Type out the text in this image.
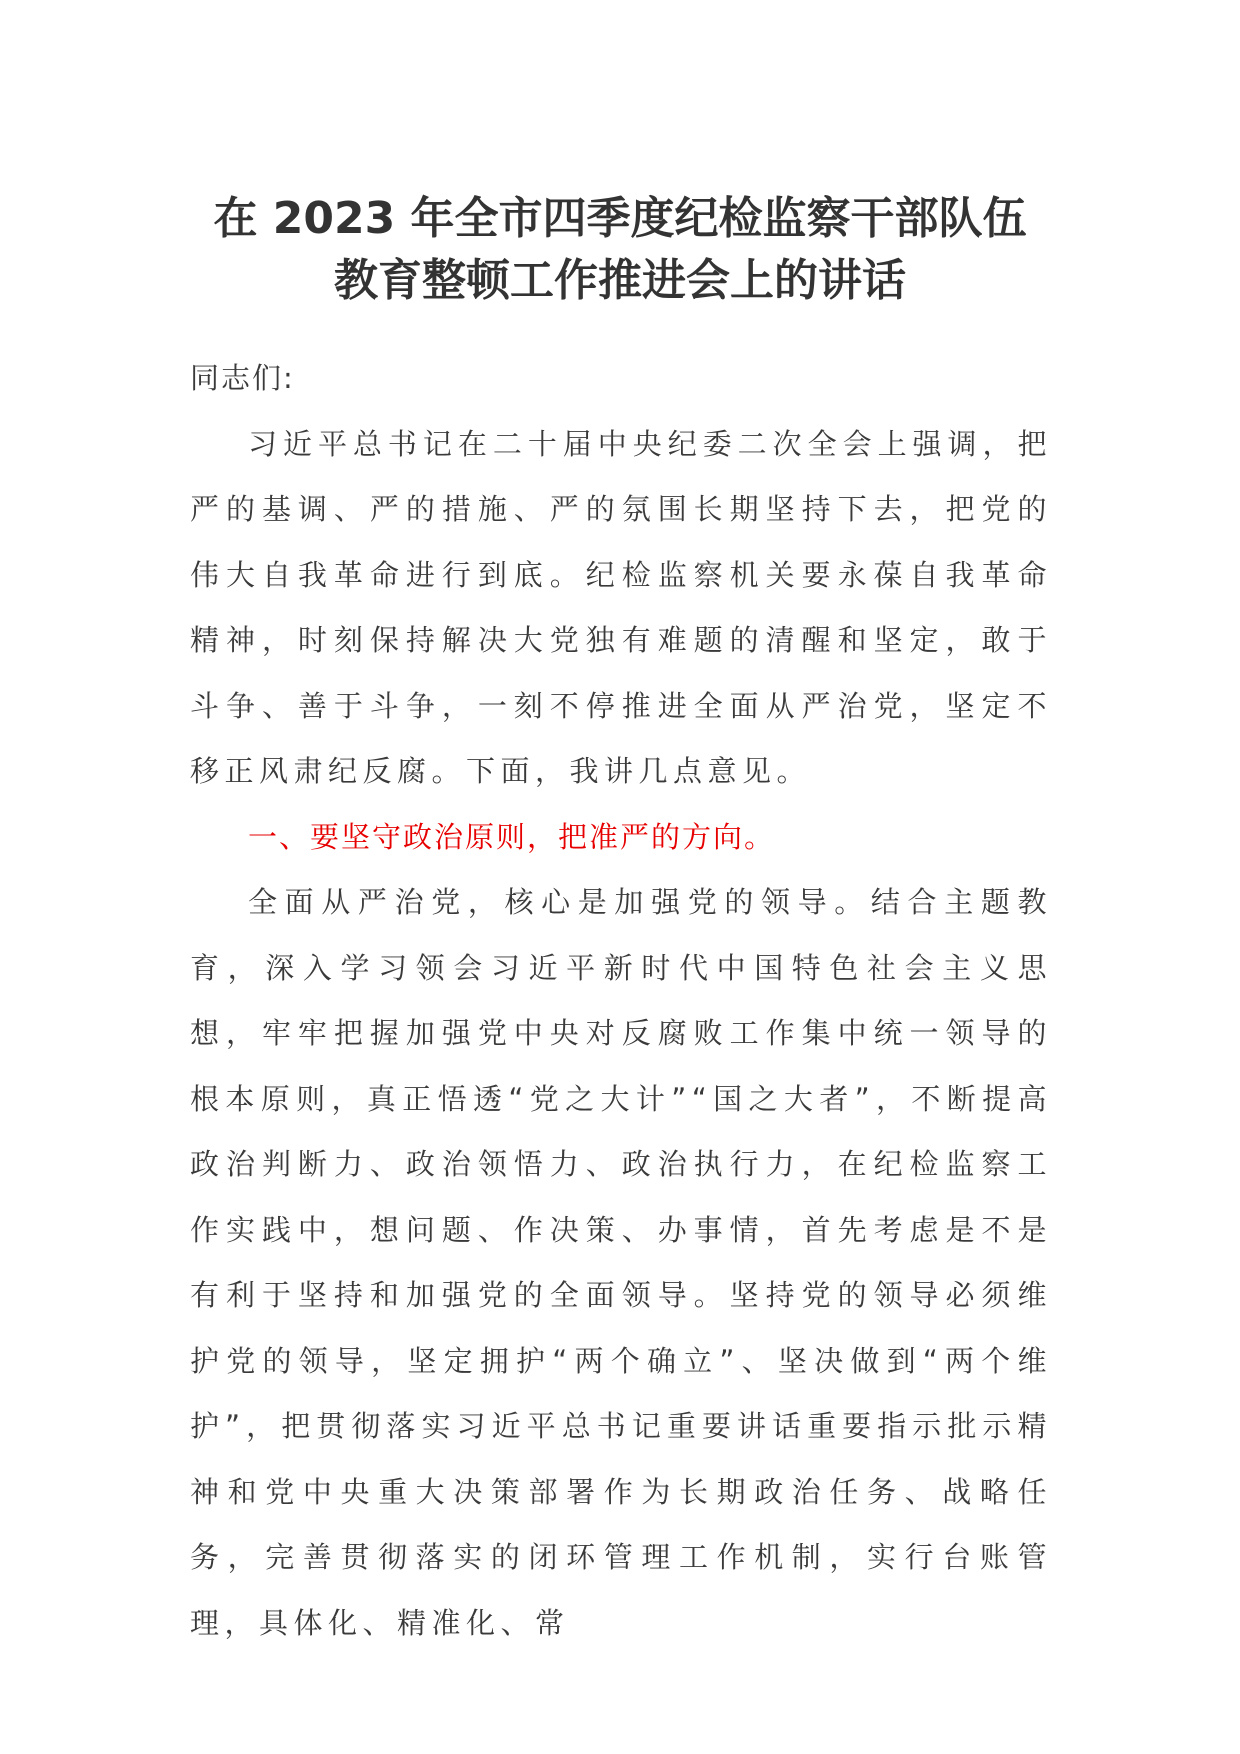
在 2023 年全市四季度纪检监察干部队伍
教育整顿工作推进会上的讲话

同志们:

习近平总书记在二十届中央纪委二次全会上强调，把严的基调、严的措施、严的氛围长期坚持下去，把党的伟大自我革命进行到底。纪检监察机关要永葆自我革命精神，时刻保持解决大党独有难题的清醒和坚定，敢于斗争、善于斗争，一刻不停推进全面从严治党，坚定不移正风肃纪反腐。下面，我讲几点意见。

一、要坚守政治原则，把准严的方向。

全面从严治党，核心是加强党的领导。结合主题教育，深入学习领会习近平新时代中国特色社会主义思想，牢牢把握加强党中央对反腐败工作集中统一领导的根本原则，真正悟透“党之大计”“国之大者”，不断提高政治判断力、政治领悟力、政治执行力，在纪检监察工作实践中，想问题、作决策、办事情，首先考虑是不是有利于坚持和加强党的全面领导。坚持党的领导必须维护党的领导，坚定拥护“两个确立”、坚决做到“两个维护”，把贯彻落实习近平总书记重要讲话重要指示批示精神和党中央重大决策部署作为长期政治任务、战略任务，完善贯彻落实的闭环管理工作机制，实行台账管理，具体化、精准化、常
